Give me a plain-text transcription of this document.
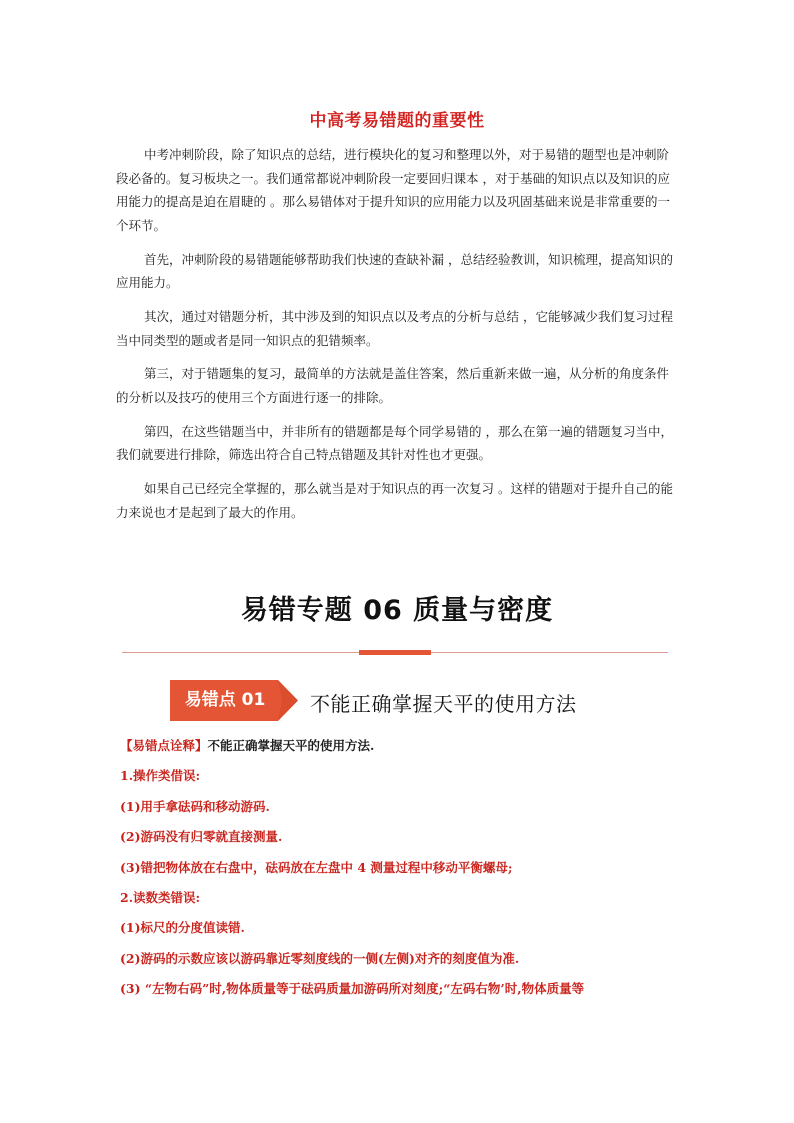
中高考易错题的重要性

中考冲刺阶段，除了知识点的总结，进行模块化的复习和整理以外，对于易错的题型也是冲刺阶段必备的。复习板块之一。我们通常都说冲刺阶段一定要回归课本 ，对于基础的知识点以及知识的应用能力的提高是迫在眉睫的 。那么易错体对于提升知识的应用能力以及巩固基础来说是非常重要的一个环节。

首先，冲刺阶段的易错题能够帮助我们快速的查缺补漏 ，总结经验教训，知识梳理，提高知识的应用能力。

其次，通过对错题分析，其中涉及到的知识点以及考点的分析与总结 ，它能够减少我们复习过程当中同类型的题或者是同一知识点的犯错频率。

第三，对于错题集的复习，最简单的方法就是盖住答案，然后重新来做一遍，从分析的角度条件的分析以及技巧的使用三个方面进行逐一的排除。

第四，在这些错题当中，并非所有的错题都是每个同学易错的 ，那么在第一遍的错题复习当中，我们就要进行排除，筛选出符合自己特点错题及其针对性也才更强。

如果自己已经完全掌握的，那么就当是对于知识点的再一次复习 。这样的错题对于提升自己的能力来说也才是起到了最大的作用。

易错专题 06 质量与密度
易错点 01	不能正确掌握天平的使用方法
【易错点诠释】不能正确掌握天平的使用方法.
1.操作类借误:
(1)用手拿砝码和移动游码.
(2)游码没有归零就直接测量.
(3)错把物体放在右盘中，砝码放在左盘中 4 测量过程中移动平衡螺母;
2.读数类错误:
(1)标尺的分度值读错.
(2)游码的示数应该以游码靠近零刻度线的一侧(左侧)对齐的刻度值为准.
(3) “左物右码”时,物体质量等于砝码质量加游码所对刻度;“左码右物’时,物体质量等
